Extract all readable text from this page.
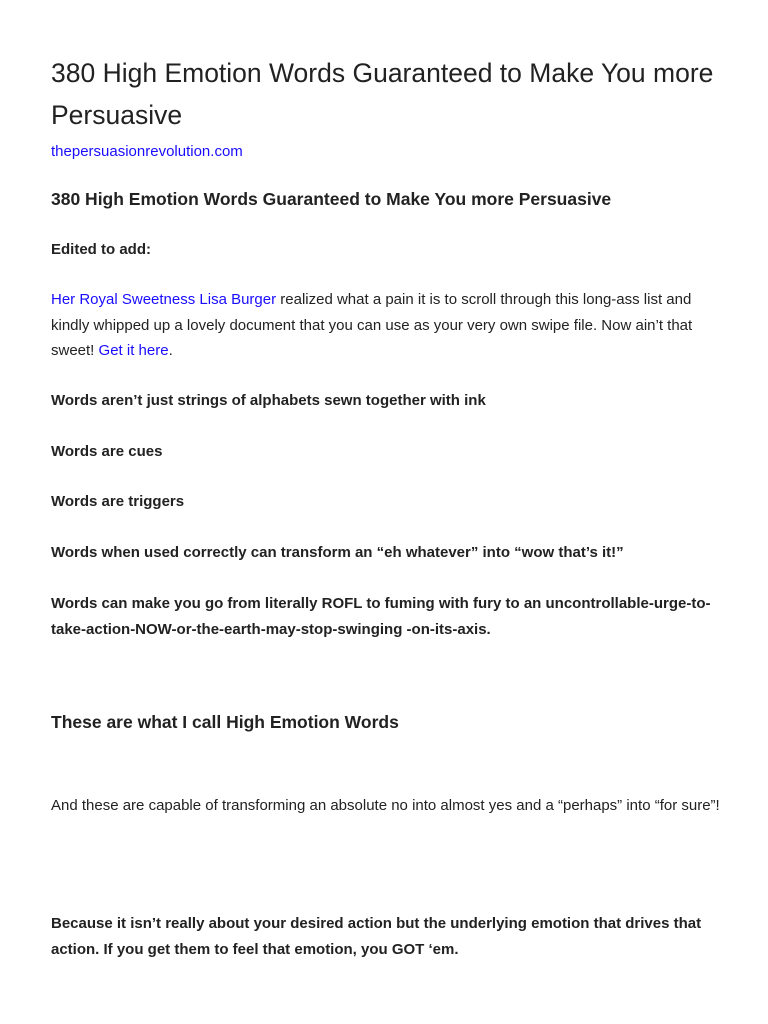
380 High Emotion Words Guaranteed to Make You more Persuasive
thepersuasionrevolution.com
380 High Emotion Words Guaranteed to Make You more Persuasive

Edited to add:

Her Royal Sweetness Lisa Burger realized what a pain it is to scroll through this long-ass list and kindly whipped up a lovely document that you can use as your very own swipe file. Now ain’t that sweet! Get it here.

Words aren’t just strings of alphabets sewn together with ink

Words are cues

Words are triggers

Words when used correctly can transform an “eh whatever” into “wow that’s it!”

Words can make you go from literally ROFL to fuming with fury to an uncontrollable-urge-to-take-action-NOW-or-the-earth-may-stop-swinging -on-its-axis.

These are what I call High Emotion Words

And these are capable of transforming an absolute no into almost yes and a “perhaps” into “for sure”!

Because it isn’t really about your desired action but the underlying emotion that drives that action. If you get them to feel that emotion, you GOT ‘em.
